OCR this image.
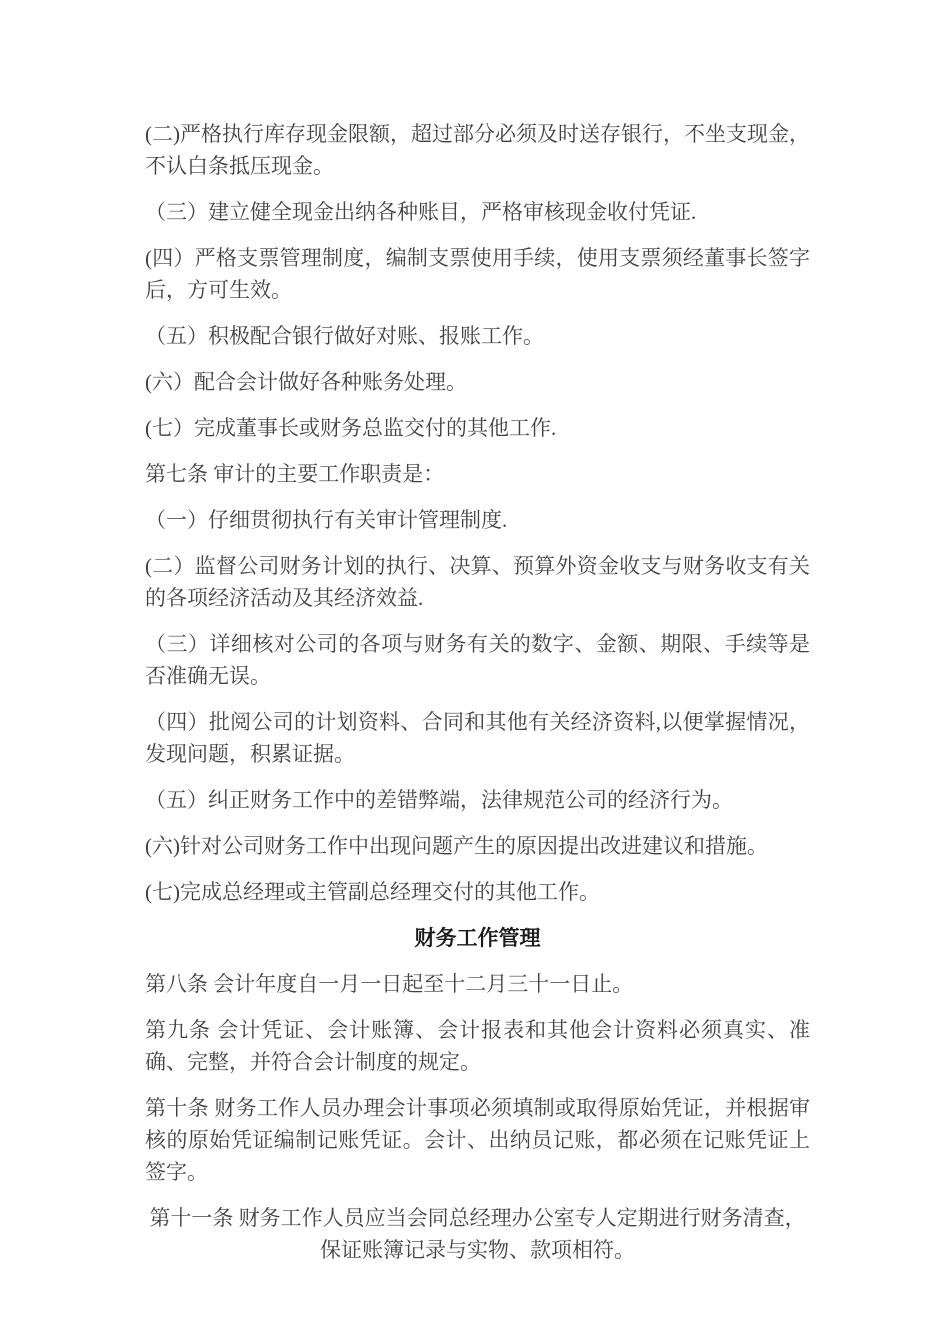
(二)严格执行库存现金限额，超过部分必须及时送存银行，不坐支现金，不认白条抵压现金。

（三）建立健全现金出纳各种账目，严格审核现金收付凭证.

(四）严格支票管理制度，编制支票使用手续，使用支票须经董事长签字后，方可生效。

（五）积极配合银行做好对账、报账工作。

(六）配合会计做好各种账务处理。

(七）完成董事长或财务总监交付的其他工作.

第七条 审计的主要工作职责是：

（一）仔细贯彻执行有关审计管理制度.

(二）监督公司财务计划的执行、决算、预算外资金收支与财务收支有关的各项经济活动及其经济效益.

（三）详细核对公司的各项与财务有关的数字、金额、期限、手续等是否准确无误。

（四）批阅公司的计划资料、合同和其他有关经济资料,以便掌握情况，发现问题，积累证据。

（五）纠正财务工作中的差错弊端，法律规范公司的经济行为。

(六)针对公司财务工作中出现问题产生的原因提出改进建议和措施。

(七)完成总经理或主管副总经理交付的其他工作。

财务工作管理

第八条 会计年度自一月一日起至十二月三十一日止。

第九条 会计凭证、会计账簿、会计报表和其他会计资料必须真实、准确、完整，并符合会计制度的规定。

第十条 财务工作人员办理会计事项必须填制或取得原始凭证，并根据审核的原始凭证编制记账凭证。会计、出纳员记账，都必须在记账凭证上签字。

第十一条 财务工作人员应当会同总经理办公室专人定期进行财务清查，保证账簿记录与实物、款项相符。
